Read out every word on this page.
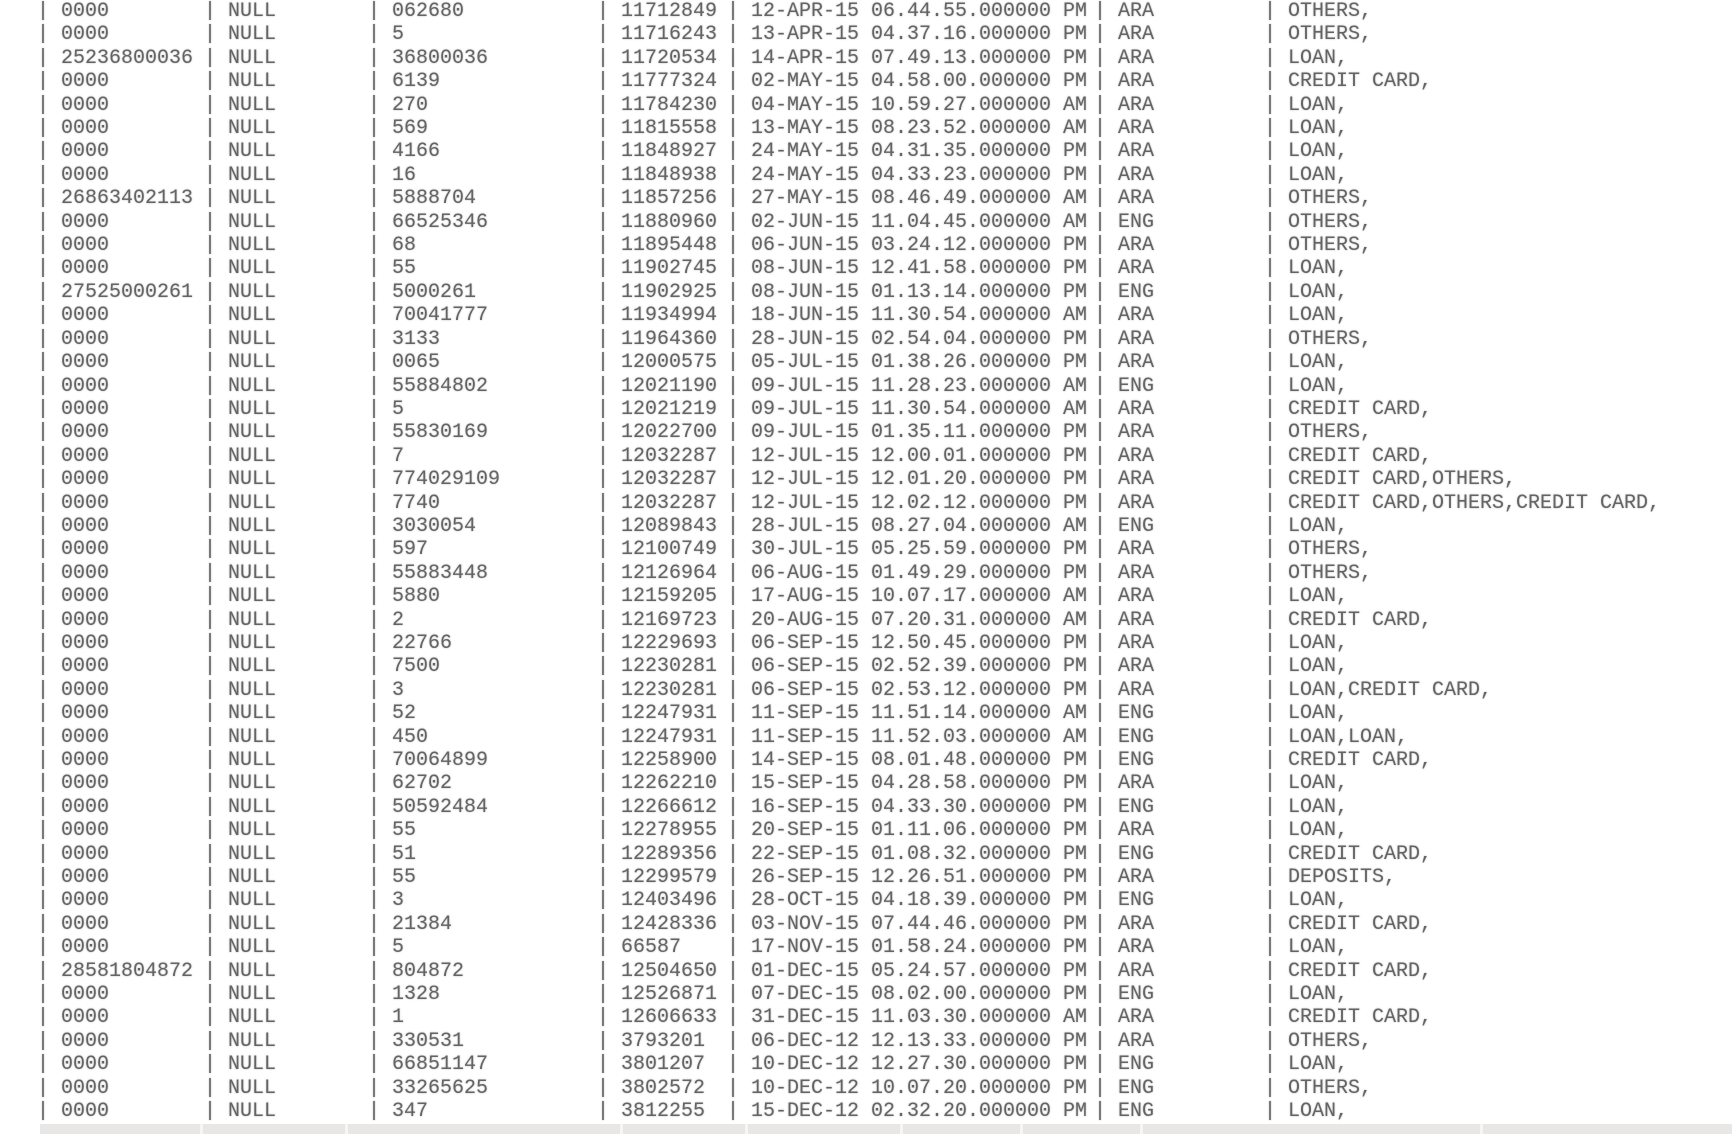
| 0000	| NULL	| 062680	| 11712849 | 12-APR-15 06.44.55.000000 PM | ARA	| OTHERS,
| 0000	| NULL	| 5	| 11716243 | 13-APR-15 04.37.16.000000 PM | ARA	| OTHERS,
| 25236800036 | NULL	| 36800036	| 11720534 | 14-APR-15 07.49.13.000000 PM | ARA	| LOAN,
| 0000	| NULL	| 6139	| 11777324 | 02-MAY-15 04.58.00.000000 PM | ARA	| CREDIT CARD,
| 0000	| NULL	| 270	| 11784230 | 04-MAY-15 10.59.27.000000 AM | ARA	| LOAN,
| 0000	| NULL	| 569	| 11815558 | 13-MAY-15 08.23.52.000000 AM | ARA	| LOAN,
| 0000	| NULL	| 4166	| 11848927 | 24-MAY-15 04.31.35.000000 PM | ARA	| LOAN,
| 0000	| NULL	| 16	| 11848938 | 24-MAY-15 04.33.23.000000 PM | ARA	| LOAN,
| 26863402113 | NULL	| 5888704	| 11857256 | 27-MAY-15 08.46.49.000000 AM | ARA	| OTHERS,
| 0000	| NULL	| 66525346	| 11880960 | 02-JUN-15 11.04.45.000000 AM | ENG	| OTHERS,
| 0000	| NULL	| 68	| 11895448 | 06-JUN-15 03.24.12.000000 PM | ARA	| OTHERS,
| 0000	| NULL	| 55	| 11902745 | 08-JUN-15 12.41.58.000000 PM | ARA	| LOAN,
| 27525000261 | NULL	| 5000261	| 11902925 | 08-JUN-15 01.13.14.000000 PM | ENG	| LOAN,
| 0000	| NULL	| 70041777	| 11934994 | 18-JUN-15 11.30.54.000000 AM | ARA	| LOAN,
| 0000	| NULL	| 3133	| 11964360 | 28-JUN-15 02.54.04.000000 PM | ARA	| OTHERS,
| 0000	| NULL	| 0065	| 12000575 | 05-JUL-15 01.38.26.000000 PM | ARA	| LOAN,
| 0000	| NULL	| 55884802	| 12021190 | 09-JUL-15 11.28.23.000000 AM | ENG	| LOAN,
| 0000	| NULL	| 5	| 12021219 | 09-JUL-15 11.30.54.000000 AM | ARA	| CREDIT CARD,
| 0000	| NULL	| 55830169	| 12022700 | 09-JUL-15 01.35.11.000000 PM | ARA	| OTHERS,
| 0000	| NULL	| 7	| 12032287 | 12-JUL-15 12.00.01.000000 PM | ARA	| CREDIT CARD,
| 0000	| NULL	| 774029109	| 12032287 | 12-JUL-15 12.01.20.000000 PM | ARA	| CREDIT CARD,OTHERS,
| 0000	| NULL	| 7740	| 12032287 | 12-JUL-15 12.02.12.000000 PM | ARA	| CREDIT CARD,OTHERS,CREDIT CARD,
| 0000	| NULL	| 3030054	| 12089843 | 28-JUL-15 08.27.04.000000 AM | ENG	| LOAN,
| 0000	| NULL	| 597	| 12100749 | 30-JUL-15 05.25.59.000000 PM | ARA	| OTHERS,
| 0000	| NULL	| 55883448	| 12126964 | 06-AUG-15 01.49.29.000000 PM | ARA	| OTHERS,
| 0000	| NULL	| 5880	| 12159205 | 17-AUG-15 10.07.17.000000 AM | ARA	| LOAN,
| 0000	| NULL	| 2	| 12169723 | 20-AUG-15 07.20.31.000000 AM | ARA	| CREDIT CARD,
| 0000	| NULL	| 22766	| 12229693 | 06-SEP-15 12.50.45.000000 PM | ARA	| LOAN,
| 0000	| NULL	| 7500	| 12230281 | 06-SEP-15 02.52.39.000000 PM | ARA	| LOAN,
| 0000	| NULL	| 3	| 12230281 | 06-SEP-15 02.53.12.000000 PM | ARA	| LOAN,CREDIT CARD,
| 0000	| NULL	| 52	| 12247931 | 11-SEP-15 11.51.14.000000 AM | ENG	| LOAN,
| 0000	| NULL	| 450	| 12247931 | 11-SEP-15 11.52.03.000000 AM | ENG	| LOAN,LOAN,
| 0000	| NULL	| 70064899	| 12258900 | 14-SEP-15 08.01.48.000000 PM | ENG	| CREDIT CARD,
| 0000	| NULL	| 62702	| 12262210 | 15-SEP-15 04.28.58.000000 PM | ARA	| LOAN,
| 0000	| NULL	| 50592484	| 12266612 | 16-SEP-15 04.33.30.000000 PM | ENG	| LOAN,
| 0000	| NULL	| 55	| 12278955 | 20-SEP-15 01.11.06.000000 PM | ARA	| LOAN,
| 0000	| NULL	| 51	| 12289356 | 22-SEP-15 01.08.32.000000 PM | ENG	| CREDIT CARD,
| 0000	| NULL	| 55	| 12299579 | 26-SEP-15 12.26.51.000000 PM | ARA	| DEPOSITS,
| 0000	| NULL	| 3	| 12403496 | 28-OCT-15 04.18.39.000000 PM | ENG	| LOAN,
| 0000	| NULL	| 21384	| 12428336 | 03-NOV-15 07.44.46.000000 PM | ARA	| CREDIT CARD,
| 0000	| NULL	| 5	| 66587	| 17-NOV-15 01.58.24.000000 PM | ARA	| LOAN,
| 28581804872 | NULL	| 804872	| 12504650 | 01-DEC-15 05.24.57.000000 PM | ARA	| CREDIT CARD,
| 0000	| NULL	| 1328	| 12526871 | 07-DEC-15 08.02.00.000000 PM | ENG	| LOAN,
| 0000	| NULL	| 1	| 12606633 | 31-DEC-15 11.03.30.000000 AM | ARA	| CREDIT CARD,
| 0000	| NULL	| 330531	| 3793201	| 06-DEC-12 12.13.33.000000 PM | ARA	| OTHERS,
| 0000	| NULL	| 66851147	| 3801207	| 10-DEC-12 12.27.30.000000 PM | ENG	| LOAN,
| 0000	| NULL	| 33265625	| 3802572	| 10-DEC-12 10.07.20.000000 PM | ENG	| OTHERS,
| 0000	| NULL	| 347	| 3812255	| 15-DEC-12 02.32.20.000000 PM | ENG	| LOAN,
